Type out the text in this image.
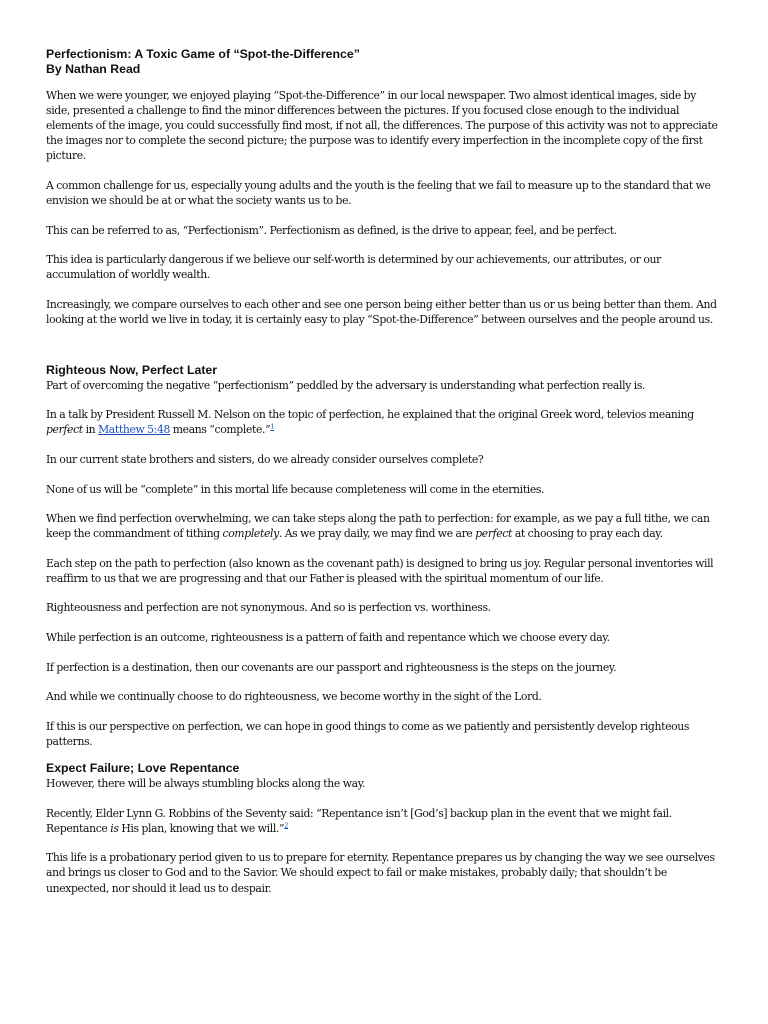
Perfectionism: A Toxic Game of “Spot-the-Difference”
By Nathan Read

When we were younger, we enjoyed playing “Spot-the-Difference” in our local newspaper. Two almost identical images, side by side, presented a challenge to find the minor differences between the pictures. If you focused close enough to the individual elements of the image, you could successfully find most, if not all, the differences. The purpose of this activity was not to appreciate the images nor to complete the second picture; the purpose was to identify every imperfection in the incomplete copy of the first picture.

A common challenge for us, especially young adults and the youth is the feeling that we fail to measure up to the standard that we envision we should be at or what the society wants us to be.

This can be referred to as, “Perfectionism”. Perfectionism as defined, is the drive to appear, feel, and be perfect.

This idea is particularly dangerous if we believe our self-worth is determined by our achievements, our attributes, or our accumulation of worldly wealth.

Increasingly, we compare ourselves to each other and see one person being either better than us or us being better than them. And looking at the world we live in today, it is certainly easy to play “Spot-the-Difference” between ourselves and the people around us.

Righteous Now, Perfect Later

Part of overcoming the negative “perfectionism” peddled by the adversary is understanding what perfection really is.

In a talk by President Russell M. Nelson on the topic of perfection, he explained that the original Greek word, televios meaning perfect in Matthew 5:48 means “complete.”$^1$

In our current state brothers and sisters, do we already consider ourselves complete?

None of us will be “complete” in this mortal life because completeness will come in the eternities.

When we find perfection overwhelming, we can take steps along the path to perfection: for example, as we pay a full tithe, we can keep the commandment of tithing completely. As we pray daily, we may find we are perfect at choosing to pray each day.

Each step on the path to perfection (also known as the covenant path) is designed to bring us joy. Regular personal inventories will reaffirm to us that we are progressing and that our Father is pleased with the spiritual momentum of our life.

Righteousness and perfection are not synonymous. And so is perfection vs. worthiness.

While perfection is an outcome, righteousness is a pattern of faith and repentance which we choose every day.

If perfection is a destination, then our covenants are our passport and righteousness is the steps on the journey.

And while we continually choose to do righteousness, we become worthy in the sight of the Lord.

If this is our perspective on perfection, we can hope in good things to come as we patiently and persistently develop righteous patterns.

Expect Failure; Love Repentance

However, there will be always stumbling blocks along the way.

Recently, Elder Lynn G. Robbins of the Seventy said: “Repentance isn’t [God’s] backup plan in the event that we might fail. Repentance is His plan, knowing that we will.”$^2$

This life is a probationary period given to us to prepare for eternity. Repentance prepares us by changing the way we see ourselves and brings us closer to God and to the Savior. We should expect to fail or make mistakes, probably daily; that shouldn’t be unexpected, nor should it lead us to despair.
